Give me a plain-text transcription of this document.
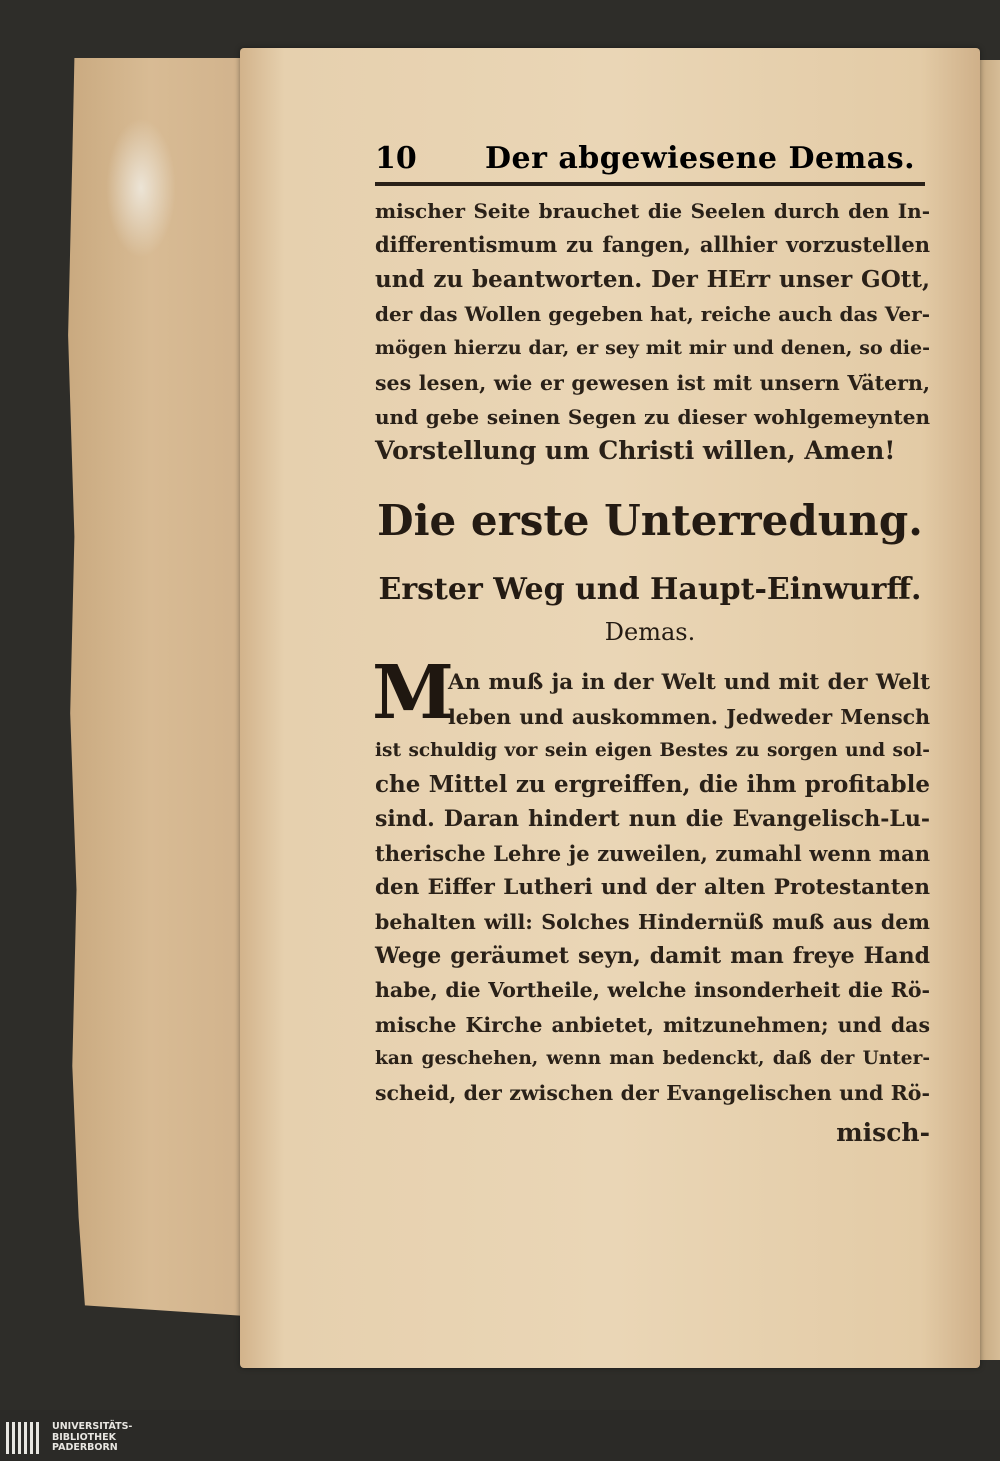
10	Der abgewiesene Demas.
mischer Seite brauchet die Seelen durch den In-
differentismum zu fangen, allhier vorzustellen
und zu beantworten. Der HErr unser GOtt,
der das Wollen gegeben hat, reiche auch das Ver-
mögen hierzu dar, er sey mit mir und denen, so die-
ses lesen, wie er gewesen ist mit unsern Vätern,
und gebe seinen Segen zu dieser wohlgemeynten
Vorstellung um Christi willen, Amen!
Die erste Unterredung.
Erster Weg und Haupt-Einwurff.
Demas.
M
An muß ja in der Welt und mit der Welt
leben und auskommen. Jedweder Mensch
ist schuldig vor sein eigen Bestes zu sorgen und sol-
che Mittel zu ergreiffen, die ihm profitable
sind. Daran hindert nun die Evangelisch-Lu-
therische Lehre je zuweilen, zumahl wenn man
den Eiffer Lutheri und der alten Protestanten
behalten will: Solches Hindernüß muß aus dem
Wege geräumet seyn, damit man freye Hand
habe, die Vortheile, welche insonderheit die Rö-
mische Kirche anbietet, mitzunehmen; und das
kan geschehen, wenn man bedenckt, daß der Unter-
scheid, der zwischen der Evangelischen und Rö-
misch-
UNIVERSITÄTS-
BIBLIOTHEK
PADERBORN
